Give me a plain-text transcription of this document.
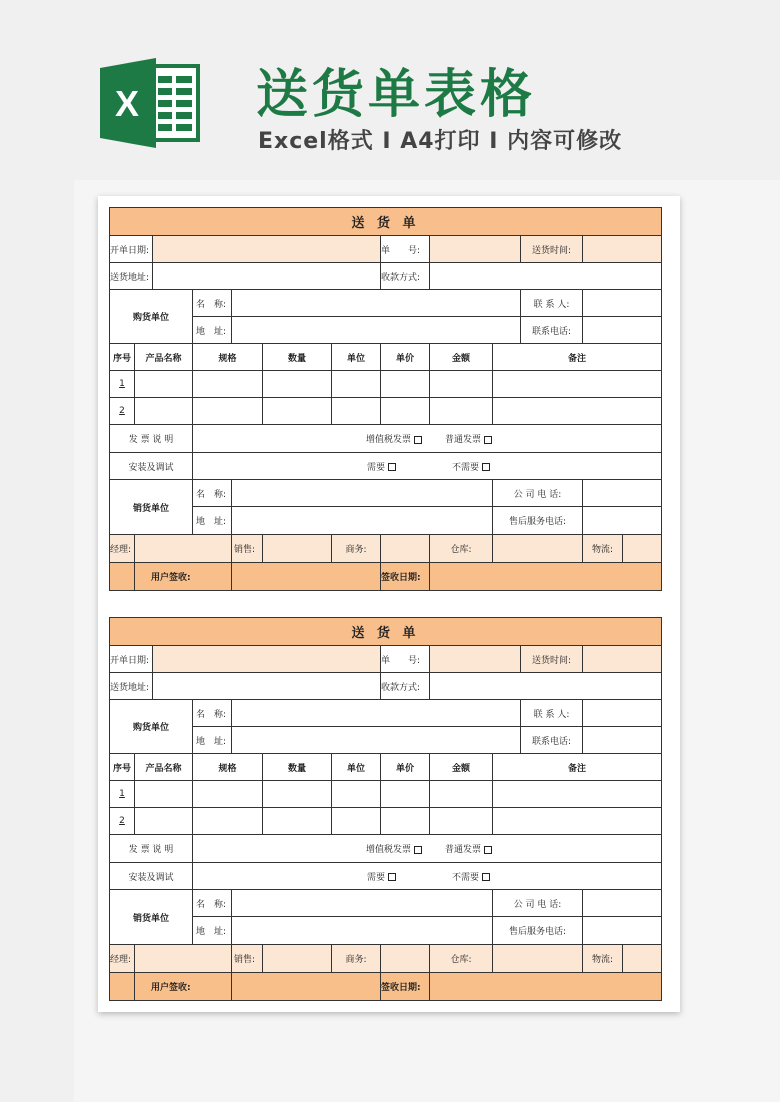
X 送货单表格
Excel格式 I A4打印 I 内容可修改
送 货 单
开单日期:	单　　号:	送货时间:
送货地址:	收款方式:
购货单位
名　称:	联 系 人:
地　址:	联系电话:
序号	产品名称	规格	数量	单位	单价	金额	备注
1
2
发 票 说 明	增值税发票	普通发票
安装及调试	需要	不需要
销货单位
名　称:	公 司 电 话:
地　址:	售后服务电话:
经理:	销售:	商务:	仓库:	物流:
用户签收:	签收日期:
送 货 单
开单日期:	单　　号:	送货时间:
送货地址:	收款方式:
购货单位
名　称:	联 系 人:
地　址:	联系电话:
序号	产品名称	规格	数量	单位	单价	金额	备注
1
2
发 票 说 明	增值税发票	普通发票
安装及调试	需要	不需要
销货单位
名　称:	公 司 电 话:
地　址:	售后服务电话:
经理:	销售:	商务:	仓库:	物流:
用户签收:	签收日期:
